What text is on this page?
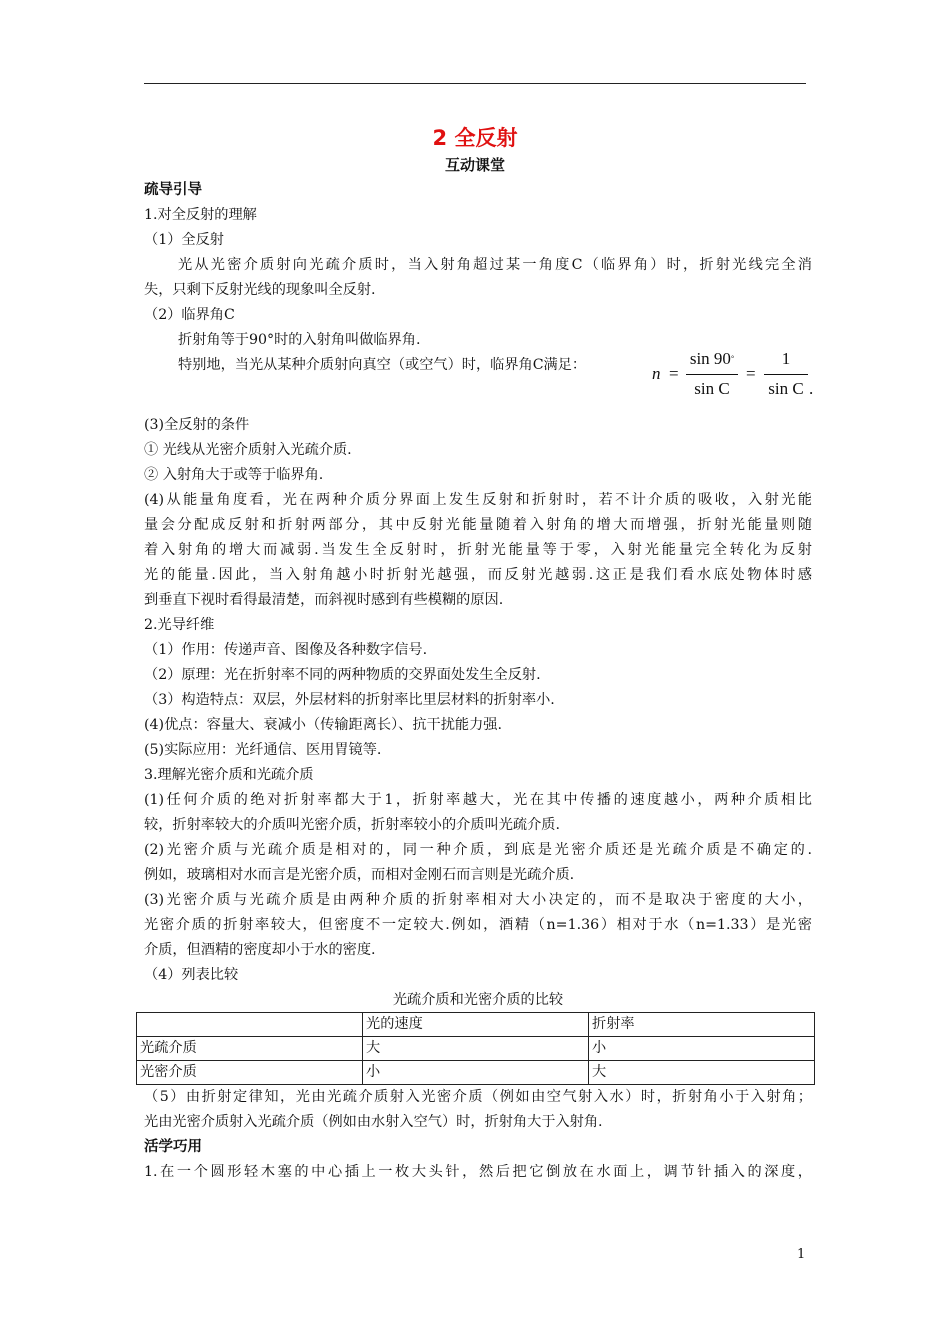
2 全反射
互动课堂
疏导引导
1.对全反射的理解
（1）全反射
光从光密介质射向光疏介质时，当入射角超过某一角度C（临界角）时，折射光线完全消
失，只剩下反射光线的现象叫全反射.
（2）临界角C
折射角等于90°时的入射角叫做临界角.
特别地，当光从某种介质射向真空（或空气）时，临界角C满足：	n =
sin 90°
sin C
=
1
sin C .
(3)全反射的条件
① 光线从光密介质射入光疏介质.
② 入射角大于或等于临界角.
(4)从能量角度看，光在两种介质分界面上发生反射和折射时，若不计介质的吸收，入射光能
量会分配成反射和折射两部分，其中反射光能量随着入射角的增大而增强，折射光能量则随
着入射角的增大而减弱.当发生全反射时，折射光能量等于零，入射光能量完全转化为反射
光的能量.因此，当入射角越小时折射光越强，而反射光越弱.这正是我们看水底处物体时感
到垂直下视时看得最清楚，而斜视时感到有些模糊的原因.
2.光导纤维
（1）作用：传递声音、图像及各种数字信号.
（2）原理：光在折射率不同的两种物质的交界面处发生全反射.
（3）构造特点：双层，外层材料的折射率比里层材料的折射率小.
(4)优点：容量大、衰减小（传输距离长）、抗干扰能力强.
(5)实际应用：光纤通信、医用胃镜等.
3.理解光密介质和光疏介质
(1)任何介质的绝对折射率都大于1，折射率越大，光在其中传播的速度越小，两种介质相比
较，折射率较大的介质叫光密介质，折射率较小的介质叫光疏介质.
(2)光密介质与光疏介质是相对的，同一种介质，到底是光密介质还是光疏介质是不确定的.
例如，玻璃相对水而言是光密介质，而相对金刚石而言则是光疏介质.
(3)光密介质与光疏介质是由两种介质的折射率相对大小决定的，而不是取决于密度的大小，
光密介质的折射率较大，但密度不一定较大.例如，酒精（n=1.36）相对于水（n=1.33）是光密
介质，但酒精的密度却小于水的密度.
（4）列表比较
光疏介质和光密介质的比较
	光的速度	折射率
光疏介质	大	小
光密介质	小	大
（5）由折射定律知，光由光疏介质射入光密介质（例如由空气射入水）时，折射角小于入射角；
光由光密介质射入光疏介质（例如由水射入空气）时，折射角大于入射角.
活学巧用
1.在一个圆形轻木塞的中心插上一枚大头针，然后把它倒放在水面上，调节针插入的深度，
1
